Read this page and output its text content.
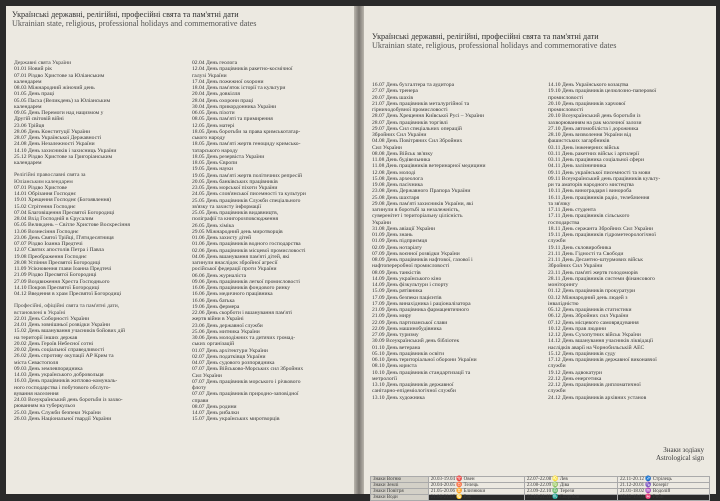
Українські державні, релігійні, професійні свята та пам'ятні дати
Ukrainian state, religious, professional holidays and commemorative dates
Державні свята України
01.01 Новий рік
07.01 Різдво Христове за Юліанським
календарем
08.03 Міжнародний жіночий день
01.05 День праці
05.05 Пасха (Великдень) за Юліанським
календарем
09.05 День Перемоги над нацизмом у
Другій світовій війні
23.06 Трійця
28.06 День Конституції України
28.07 День Української Державності
24.08 День Незалежності України
14.10 День захисників і захисниць України
25.12 Різдво Христове за Григоріанським
календарем
Релігійні православні свята за
Юліанським календарем
07.01 Різдво Христове
14.01 Обрізання Господнє
19.01 Хрещення Господнє (Богоявлення)
15.02 Стрітення Господнє
07.04 Благовіщення Пресвятої Богородиці
28.04 Вхід Господній в Єрусалим
05.05 Великдень – Світле Христове Воскресіння
13.06 Вознесіння Господнє
23.06 День Святої Трійці, П'ятидесятниця
07.07 Різдво Іоанна Предтечі
12.07 Святих апостолів Петра і Павла
19.08 Преображення Господнє
28.08 Успіння Пресвятої Богородиці
11.09 Усікновення глави Іоанна Предтечі
21.09 Різдво Пресвятої Богородиці
27.09 Воздвиження Хреста Господнього
14.10 Покров Пресвятої Богородиці
04.12 Введення в храм Пресвятої Богородиці
Професійні, офіційні свята та пам'ятні дати,
встановлені в Україні
22.01 День Соборності України
24.01 День зовнішньої розвідки України
15.02 День вшанування учасників бойових дій
на території інших держав
20.02 День Героїв Небесної сотні
20.02 День соціальної справедливості
26.02 День спротиву окупації АР Крим та
міста Севастополя
09.03 День землевпорядника
14.03 День українського добровольця
16.03 День працівників житлово-комуналь-
ного господарства і побутового обслуго-
вування населення
24.03 Всеукраїнський день боротьби із захво-
рюванням на туберкульоз
25.03 День Служби безпеки України
26.03 День Національної гвардії України
02.04 День геолога
12.04 День працівників ракетно-космічної
галузі України
17.04 День пожежної охорони
18.04 День пам'яток історії та культури
20.04 День довкілля
28.04 День охорони праці
30.04 День прикордонника України
06.05 День піхоти
08.05 День пам'яті та примирення
12.05 День матері
18.05 День боротьби за права кримськотатар-
ського народу
18.05 День пам'яті жертв геноциду кримсько-
татарського народу
18.05 День резервіста України
18.05 День Європи
19.05 День науки
19.05 День пам'яті жертв політичних репресій
20.05 День банківських працівників
23.05 День морської піхоти України
24.05 День слов'янської писемності та культури
25.05 День працівників Служби спеціального
зв'язку та захисту інформації
25.05 День працівників видавництв,
поліграфії та книгорозповсюдження
26.05 День хіміка
29.05 Міжнародний день миротворців
01.06 День захисту дітей
01.06 День працівників водного господарства
02.06 День працівників місцевої промисловості
04.06 День вшанування пам'яті дітей, які
загинули внаслідок збройної агресії
російської федерації проти України
06.06 День журналіста
09.06 День працівників легкої промисловості
16.06 День працівників фондового ринку
16.06 День медичного працівника
16.06 День батька
19.06 День фермера
22.06 День скорботи і вшанування пам'яті
жертв війни в Україні
23.06 День державної служби
25.06 День митника України
30.06 День молодіжних та дитячих громад-
ських організацій
01.07 День архітектури України
02.07 День податківця України
04.07 День судового розпорядника
07.07 День Військово-Морських сил Збройних
Сил України
07.07 День працівників морського і річкового
флоту
07.07 День працівників природно-заповідної
справи
08.07 День родини
14.07 День рибалки
15.07 День українських миротворців
Українські державні, релігійні, професійні свята та пам'ятні дати
Ukrainian state, religious, professional holidays and commemorative dates
16.07 День бухгалтера та аудитора
27.07 День тренера
20.07 День шахів
21.07 День працівників металургійної та
гірничодобувної промисловості
28.07 День Хрещення Київської Русі – України
28.07 День працівників торгівлі
29.07 День Сил спеціальних операцій
Збройних Сил України
04.08 День Повітряних Сил Збройних
Сил України
08.08 День Військ зв'язку
11.08 День будівельника
11.08 День працівників ветеринарної медицини
12.08 День молоді
15.08 День археолога
19.08 День пасічника
23.08 День Державного Прапора України
25.08 День шахтаря
29.08 День пам'яті захисників України, які
загинули в боротьбі за незалежність,
суверенітет і територіальну цілісність
України
31.08 День авіації України
01.09 День знань
01.09 День підприємця
02.09 День нотаріату
07.09 День воєнної розвідки України
08.09 День працівників нафтової, газової і
нафтопереробної промисловості
08.09 День танкістів
14.09 День українського кіно
14.09 День фізкультури і спорту
15.09 День рятівника
17.09 День безпеки пацієнтів
17.09 День винахідника і раціоналізатора
21.09 День працівника фармацевтичного
21.09 День миру
22.09 День партизанської слави
22.09 День машинобудівника
27.09 День туризму
30.09 Всеукраїнський день бібліотек
01.10 День ветерана
05.10 День працівників освіти
06.10 День територіальної оборони України
08.10 День юриста
10.10 День працівників стандартизації та
метрології
13.10 День працівників державної
санітарно-епідеміологічної служби
13.10 День художника
14.10 День Українського козацтва
19.10 День працівників целюлозно-паперової
промисловості
20.10 День працівників харчової
промисловості
20.10 Всеукраїнський день боротьби із
захворюванням на рак молочної залози
27.10 День автомобіліста і дорожника
28.10 День визволення України від
фашистських загарбників
03.11 День інженерних військ
03.11 День ракетних військ і артилерії
03.11 День працівника соціальної сфери
04.11 День залізничника
09.11 День української писемності та мови
09.11 Всеукраїнський день працівників культу-
ри та аматорів народного мистецтва
10.11 День виноградаря і винороба
16.11 День працівників радіо, телебачення
та зв'язку
17.11 День студента
17.11 День працівників сільського
господарства
18.11 День сержанта Збройних Сил України
19.11 День працівників гідрометеорологічної
служби
19.11 День скловиробника
21.11 День Гідності та Свободи
21.11 День Десантно-штурмових військ
Збройних Сил України
23.11 День пам'яті жертв голодоморів
28.11 День працівників системи фінансового
моніторингу
01.12 День працівників прокуратури
03.12 Міжнародний день людей з
інвалідністю
05.12 День працівників статистики
06.12 День Збройних сил України
07.12 День місцевого самоврядування
10.12 День прав людини
12.12 День Сухопутних військ України
14.12 День вшанування учасників ліквідації
наслідків аварії на Чорнобильській АЕС
15.12 День працівників суду
17.12 День працівників державної виконавчої
служби
19.12 День адвокатури
22.12 День енергетика
22.12 День працівників дипломатичної
служби
24.12 День працівників архівних установ
Знаки зодіаку
Astrological sign
Знаки Вогню	20.03-19.04 ♈ Овен	22.07-22.08 ♌ Лев	22.11-20.12 ♐ Стрілець
Знаки Землі	20.04-20.05 ♉ Телець	23.08-22.09 ♍ Діва	21.12-20.01 ♑ Козеріг
Знаки Повітря	21.05-20.06 ♊ Близнюки	23.09-22.10 ♎ Терези	21.01-18.02 ♒ Водолій
Знаки Води	21.06-21.07 ♋ Рак	23.10-21.11 ♏ Скорпіон	19.02-19.03 ♓ Риби
